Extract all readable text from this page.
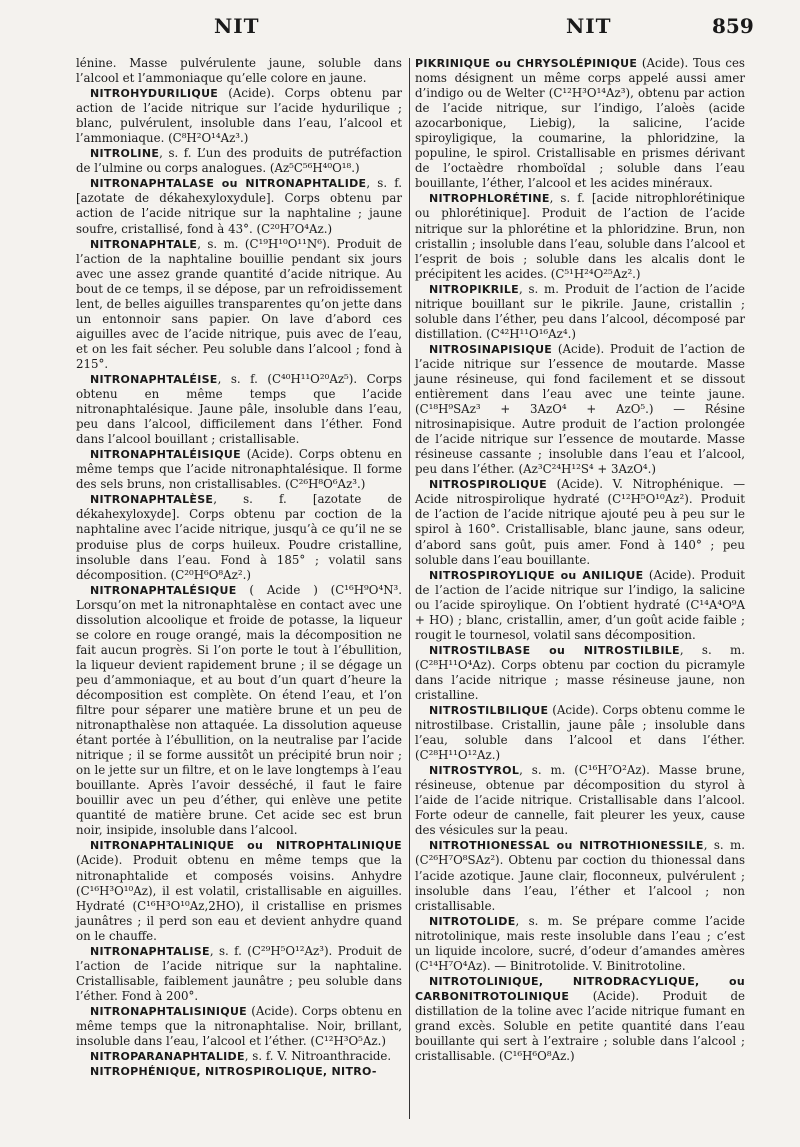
NIT	NIT	859

lénine. Masse pulvérulente jaune, soluble dans l’alcool et l’ammoniaque qu’elle colore en jaune.

NITROHYDURILIQUE (Acide). Corps obtenu par action de l’acide nitrique sur l’acide hydurilique ; blanc, pulvérulent, insoluble dans l’eau, l’alcool et l’ammoniaque. (C⁸H²O¹⁴Az³.)

NITROLINE, s. f. L’un des produits de putréfaction de l’ulmine ou corps analogues. (Az⁵C⁵⁶H⁴⁰O¹⁸.)

NITRONAPHTALASE ou NITRONAPHTALIDE, s. f. [azotate de dékahexyloxydule]. Corps obtenu par action de l’acide nitrique sur la naphtaline ; jaune soufre, cristallisé, fond à 43°. (C²⁰H⁷O⁴Az.)

NITRONAPHTALE, s. m. (C¹⁹H¹⁰O¹¹N⁶). Produit de l’action de la naphtaline bouillie pendant six jours avec une assez grande quantité d’acide nitrique. Au bout de ce temps, il se dépose, par un refroidissement lent, de belles aiguilles transparentes qu’on jette dans un entonnoir sans papier. On lave d’abord ces aiguilles avec de l’acide nitrique, puis avec de l’eau, et on les fait sécher. Peu soluble dans l’alcool ; fond à 215°.

NITRONAPHTALÉISE, s. f. (C⁴⁰H¹¹O²⁰Az⁵). Corps obtenu en même temps que l’acide nitronaphtalésique. Jaune pâle, insoluble dans l’eau, peu dans l’alcool, difficilement dans l’éther. Fond dans l’alcool bouillant ; cristallisable.

NITRONAPHTALÉISIQUE (Acide). Corps obtenu en même temps que l’acide nitronaphtalésique. Il forme des sels bruns, non cristallisables. (C²⁶H⁸O⁶Az³.)

NITRONAPHTALÈSE, s. f. [azotate de dékahexyloxyde]. Corps obtenu par coction de la naphtaline avec l’acide nitrique, jusqu’à ce qu’il ne se produise plus de corps huileux. Poudre cristalline, insoluble dans l’eau. Fond à 185° ; volatil sans décomposition. (C²⁰H⁶O⁸Az².)

NITRONAPHTALÉSIQUE ( Acide ) (C¹⁶H⁹O⁴N³. Lorsqu’on met la nitronaphtalèse en contact avec une dissolution alcoolique et froide de potasse, la liqueur se colore en rouge orangé, mais la décomposition ne fait aucun progrès. Si l’on porte le tout à l’ébullition, la liqueur devient rapidement brune ; il se dégage un peu d’ammoniaque, et au bout d’un quart d’heure la décomposition est complète. On étend l’eau, et l’on filtre pour séparer une matière brune et un peu de nitronapthalèse non attaquée. La dissolution aqueuse étant portée à l’ébullition, on la neutralise par l’acide nitrique ; il se forme aussitôt un précipité brun noir ; on le jette sur un filtre, et on le lave longtemps à l’eau bouillante. Après l’avoir desséché, il faut le faire bouillir avec un peu d’éther, qui enlève une petite quantité de matière brune. Cet acide sec est brun noir, insipide, insoluble dans l’alcool.

NITRONAPHTALINIQUE ou NITROPHTALINIQUE (Acide). Produit obtenu en même temps que la nitronaphtalide et composés voisins. Anhydre (C¹⁶H³O¹⁰Az), il est volatil, cristallisable en aiguilles. Hydraté (C¹⁶H³O¹⁰Az,2HO), il cristallise en prismes jaunâtres ; il perd son eau et devient anhydre quand on le chauffe.

NITRONAPHTALISE, s. f. (C²⁹H⁵O¹²Az³). Produit de l’action de l’acide nitrique sur la naphtaline. Cristallisable, faiblement jaunâtre ; peu soluble dans l’éther. Fond à 200°.

NITRONAPHTALISINIQUE (Acide). Corps obtenu en même temps que la nitronaphtalise. Noir, brillant, insoluble dans l’eau, l’alcool et l’éther. (C¹²H³O⁵Az.)

NITROPARANAPHTALIDE, s. f. V. Nitroanthracide.

NITROPHÉNIQUE, NITROSPIROLIQUE, NITRO-

PIKRINIQUE ou CHRYSOLÉPINIQUE (Acide). Tous ces noms désignent un même corps appelé aussi amer d’indigo ou de Welter (C¹²H³O¹⁴Az³), obtenu par action de l’acide nitrique, sur l’indigo, l’aloès (acide azocarbonique, Liebig), la salicine, l’acide spiroyligique, la coumarine, la phloridzine, la populine, le spirol. Cristallisable en prismes dérivant de l’octaèdre rhomboïdal ; soluble dans l’eau bouillante, l’éther, l’alcool et les acides minéraux.

NITROPHLORÉTINE, s. f. [acide nitrophlorétinique ou phlorétinique]. Produit de l’action de l’acide nitrique sur la phlorétine et la phloridzine. Brun, non cristallin ; insoluble dans l’eau, soluble dans l’alcool et l’esprit de bois ; soluble dans les alcalis dont le précipitent les acides. (C⁵¹H²⁴O²⁵Az².)

NITROPIKRILE, s. m. Produit de l’action de l’acide nitrique bouillant sur le pikrile. Jaune, cristallin ; soluble dans l’éther, peu dans l’alcool, décomposé par distillation. (C⁴²H¹¹O¹⁶Az⁴.)

NITROSINAPISIQUE (Acide). Produit de l’action de l’acide nitrique sur l’essence de moutarde. Masse jaune résineuse, qui fond facilement et se dissout entièrement dans l’eau avec une teinte jaune. (C¹⁸H⁹SAz³ + 3AzO⁴ + AzO⁵.) — Résine nitrosinapisique. Autre produit de l’action prolongée de l’acide nitrique sur l’essence de moutarde. Masse résineuse cassante ; insoluble dans l’eau et l’alcool, peu dans l’éther. (Az³C²⁴H¹²S⁴ + 3AzO⁴.)

NITROSPIROLIQUE (Acide). V. Nitrophénique. — Acide nitrospirolique hydraté (C¹²H⁵O¹⁰Az²). Produit de l’action de l’acide nitrique ajouté peu à peu sur le spirol à 160°. Cristallisable, blanc jaune, sans odeur, d’abord sans goût, puis amer. Fond à 140° ; peu soluble dans l’eau bouillante.

NITROSPIROYLIQUE ou ANILIQUE (Acide). Produit de l’action de l’acide nitrique sur l’indigo, la salicine ou l’acide spiroylique. On l’obtient hydraté (C¹⁴A⁴O⁹A + HO) ; blanc, cristallin, amer, d’un goût acide faible ; rougit le tournesol, volatil sans décomposition.

NITROSTILBASE ou NITROSTILBILE, s. m. (C²⁸H¹¹O⁴Az). Corps obtenu par coction du picramyle dans l’acide nitrique ; masse résineuse jaune, non cristalline.

NITROSTILBILIQUE (Acide). Corps obtenu comme le nitrostilbase. Cristallin, jaune pâle ; insoluble dans l’eau, soluble dans l’alcool et dans l’éther. (C²⁸H¹¹O¹²Az.)

NITROSTYROL, s. m. (C¹⁶H⁷O²Az). Masse brune, résineuse, obtenue par décomposition du styrol à l’aide de l’acide nitrique. Cristallisable dans l’alcool. Forte odeur de cannelle, fait pleurer les yeux, cause des vésicules sur la peau.

NITROTHIONESSAL ou NITROTHIONESSILE, s. m. (C²⁶H⁷O⁸SAz²). Obtenu par coction du thionessal dans l’acide azotique. Jaune clair, floconneux, pulvérulent ; insoluble dans l’eau, l’éther et l’alcool ; non cristallisable.

NITROTOLIDE, s. m. Se prépare comme l’acide nitrotolinique, mais reste insoluble dans l’eau ; c’est un liquide incolore, sucré, d’odeur d’amandes amères (C¹⁴H⁷O⁴Az). — Binitrotolide. V. Binitrotoline.

NITROTOLINIQUE, NITRODRACYLIQUE, ou CARBONITROTOLINIQUE (Acide). Produit de distillation de la toline avec l’acide nitrique fumant en grand excès. Soluble en petite quantité dans l’eau bouillante qui sert à l’extraire ; soluble dans l’alcool ; cristallisable. (C¹⁶H⁶O⁸Az.)
